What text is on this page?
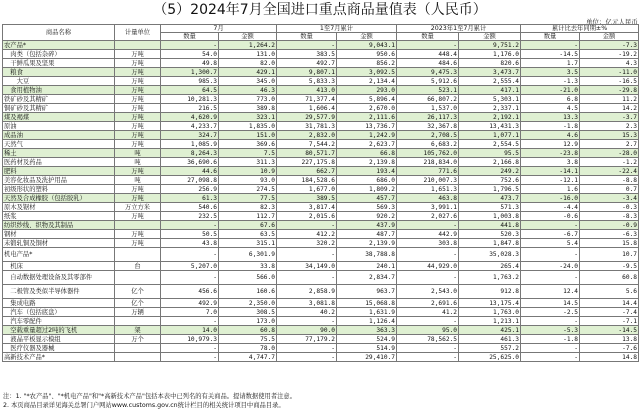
（5）2024年7月全国进口重点商品量值表（人民币）
单位：亿元人民币
商品名称	计量单位	7月		1至7月累计		2023年1至7月累计		累计比去年同期±%	
		数量	金额	数量	金额	数量	金额	数量	金额
农产品*		-	1,264.2	-	9,043.1	-	9,751.2	-	-7.3
　肉类（包括杂碎）	万吨	54.0	131.0	383.5	950.6	448.4	1,176.0	-14.5	-19.2
　干鲜瓜果及坚果	万吨	49.8	82.0	492.7	856.2	484.6	820.6	1.7	4.3
　粮食	万吨	1,300.7	429.1	9,807.1	3,092.5	9,475.3	3,473.7	3.5	-11.0
　　大豆	万吨	985.3	345.0	5,833.3	2,134.4	5,912.6	2,555.4	-1.3	-16.5
　食用植物油	万吨	64.5	46.3	413.0	293.0	523.1	417.1	-21.0	-29.8
铁矿砂及其精矿	万吨	10,281.3	773.0	71,377.4	5,896.4	66,807.2	5,303.1	6.8	11.2
铜矿砂及其精矿	万吨	216.5	389.8	1,606.4	2,670.0	1,537.0	2,337.1	4.5	14.2
煤及褐煤	万吨	4,620.9	323.1	29,577.9	2,111.6	26,117.3	2,192.1	13.3	-3.7
原油	万吨	4,233.7	1,835.0	31,781.3	13,736.7	32,367.8	13,431.3	-1.8	2.3
成品油	万吨	324.7	151.0	2,832.0	1,242.9	2,708.5	1,077.1	4.6	15.3
天然气	万吨	1,085.9	369.6	7,544.2	2,623.7	6,683.2	2,554.5	12.9	2.7
稀土	吨	8,264.3	7.5	80,571.7	66.8	105,762.0	95.5	-23.8	-28.0
医药材及药品	吨	36,690.6	311.3	227,175.8	2,139.8	218,834.0	2,166.8	3.8	-1.2
肥料	万吨	44.6	10.9	662.7	193.4	771.6	249.2	-14.1	-22.4
美容化妆品及洗护用品	吨	27,098.8	93.0	184,528.6	686.0	210,007.3	752.6	-12.1	-8.8
初级形状的塑料	万吨	256.9	274.5	1,677.0	1,809.2	1,651.3	1,796.5	1.6	0.7
天然及合成橡胶（包括胶乳）	万吨	61.3	77.5	389.5	457.7	463.8	473.7	-16.0	-3.4
原木及锯材	万立方米	540.6	82.3	3,817.4	569.3	3,991.1	571.3	-4.4	-0.3
纸浆	万吨	232.5	112.7	2,015.6	920.2	2,027.6	1,003.8	-0.6	-8.3
纺织纱线、织物及其制品		-	67.6	-	437.9	-	441.8	-	-0.9
钢材	万吨	50.5	63.5	412.2	487.7	442.9	520.3	-6.7	-6.3
未锻轧铜及铜材	万吨	43.8	315.1	320.2	2,139.9	303.8	1,847.8	5.4	15.8
机电产品*		-	6,301.9	-	38,788.8	-	35,028.3	-	10.7
　机床	台	5,207.0	33.8	34,149.0	240.1	44,929.0	265.4	-24.0	-9.5
　自动数据处理设备及其零部件		-	566.0	-	2,834.7	-	1,763.2	-	60.8
　二极管及类似半导体器件	亿个	456.6	160.6	2,858.9	963.7	2,543.0	912.8	12.4	5.6
　集成电路	亿个	492.9	2,350.0	3,081.8	15,068.8	2,691.6	13,175.4	14.5	14.4
　汽车（包括底盘）	万辆	7.0	308.5	40.2	1,631.9	41.2	1,763.0	-2.5	-7.4
　汽车零配件		-	173.0	-	1,126.4	-	1,213.1	-	-7.1
　空载重量超过2吨的飞机	架	14.0	60.8	90.0	363.3	95.0	425.1	-5.3	-14.5
　液晶平板显示模组	万个	10,979.3	75.5	77,179.2	524.9	78,562.5	461.3	-1.8	13.8
　医疗仪器及器械		-	78.0	-	514.9	-	557.2	-	-7.6
高新技术产品*		-	4,747.7	-	29,410.7	-	25,625.0	-	14.8
注：1. "*农产品"、"*机电产品"和"*高新技术产品"包括本表中已列名的有关商品。提请数据使用者注意。
2. 本页商品目录详见海关总署门户网站www.customs.gov.cn统计栏目的相关统计项目中商品目录。
